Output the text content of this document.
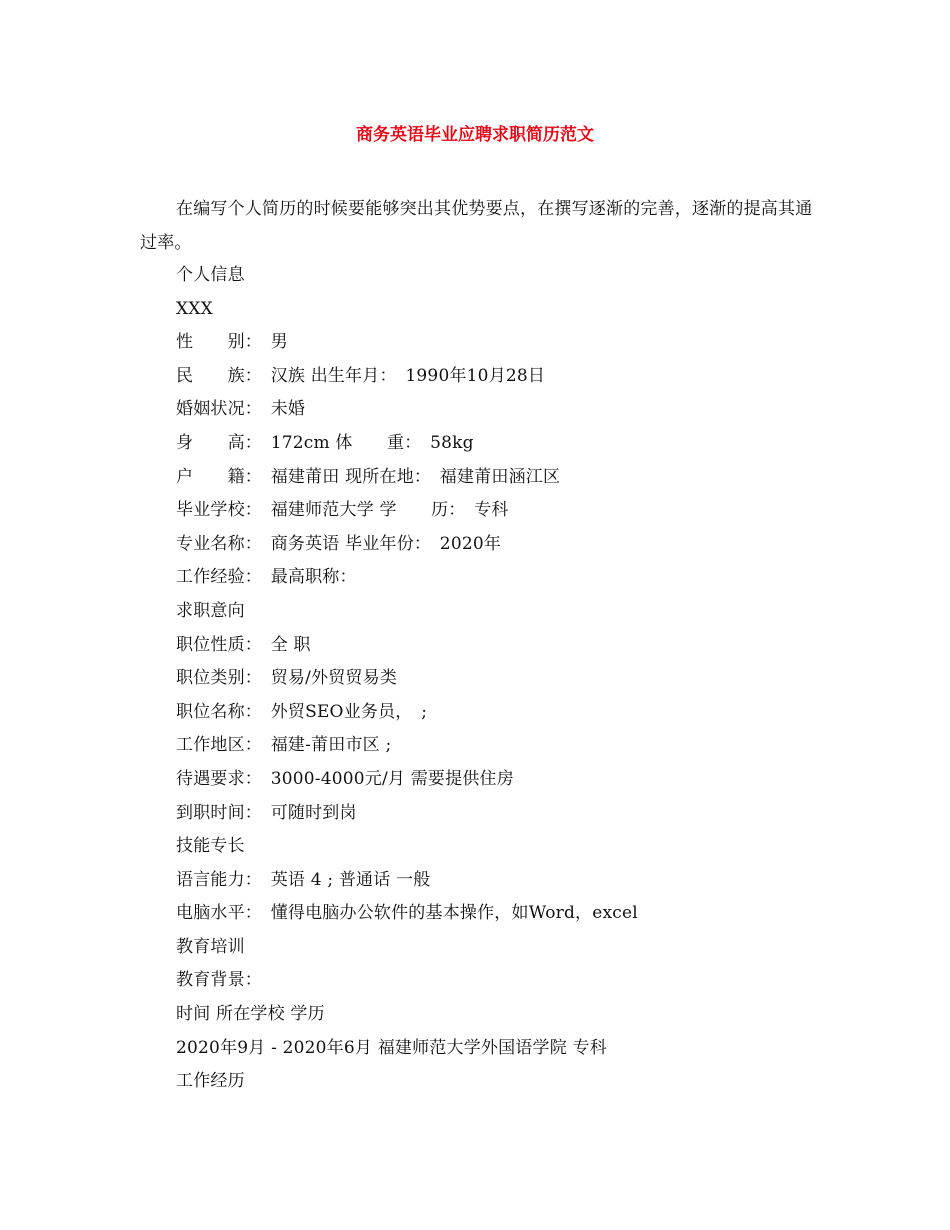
商务英语毕业应聘求职简历范文
在编写个人简历的时候要能够突出其优势要点，在撰写逐渐的完善，逐渐的提高其通过率。
个人信息
XXX
性　　别：　男
民　　族：　汉族 出生年月：　1990年10月28日
婚姻状况：　未婚
身　　高：　172cm 体　　重：　58kg
户　　籍：　福建莆田 现所在地：　福建莆田涵江区
毕业学校：　福建师范大学 学　　历：　专科
专业名称：　商务英语 毕业年份：　2020年
工作经验：　最高职称：
求职意向
职位性质：　全 职
职位类别：　贸易/外贸贸易类
职位名称：　外贸SEO业务员，　;
工作地区：　福建-莆田市区 ;
待遇要求：　3000-4000元/月 需要提供住房
到职时间：　可随时到岗
技能专长
语言能力：　英语 4 ; 普通话 一般
电脑水平：　懂得电脑办公软件的基本操作，如Word，excel
教育培训
教育背景：
时间 所在学校 学历
2020年9月 - 2020年6月 福建师范大学外国语学院 专科
工作经历
